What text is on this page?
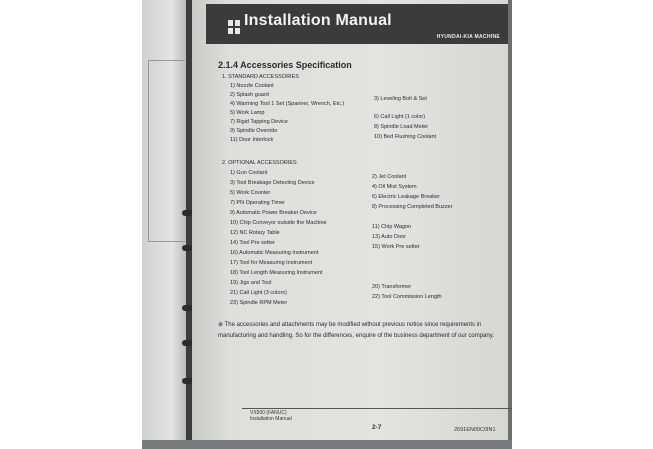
Installation Manual
HYUNDAI-KIA MACHINE
2.1.4 Accessories Specification
1. STANDARD ACCESSORIES
1) Nozzle Coolant
2) Splash guard
4) Warming Tool 1 Set (Spanner, Wrench, Etc.)
5) Work Lamp
7) Rigid Tapping Device
9) Spindle Override
11) Door Interlock
3) Leveling Bolt & Set
6) Call Light (1 color)
8) Spindle Load Meter
10) Bed Flushing Coolant
2. OPTIONAL ACCESSORIES
1) Gun Coolant
3) Tool Breakage Detecting Device
5) Work Counter
7) PN Operating Timer
9) Automatic Power Breaker Device
10) Chip Conveyor outside the Machine
12) NC Rotary Table
14) Tool Pre setter
16) Automatic Measuring Instrument
17) Tool for Measuring Instrument
18) Tool Length Measuring Instrument
19) Jigs and Tool
21) Call Light (3 colors)
23) Spindle RPM Meter
2) Jet Coolant
4) Oil Mist System
6) Electric Leakage Breaker
8) Processing Completed Buzzer
11) Chip Wagon
13) Auto Door
15) Work Pre setter
20) Transformer
22) Tool Commission Length
※ The accessories and attachments may be modified without previous notice since requirements in manufacturing and handling. So for the differences, enquire of the business department of our company.
VX500 (FANUC)
Installation Manual
2-7	2691EN00C0IN1
